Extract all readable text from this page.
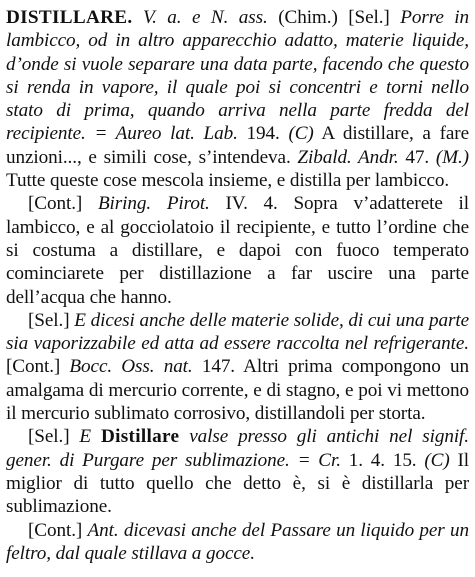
DISTILLARE. V. a. e N. ass. (Chim.) [Sel.] Porre in lambicco, od in altro apparecchio adatto, materie liquide, d’onde si vuole separare una data parte, facendo che questo si renda in vapore, il quale poi si concentri e torni nello stato di prima, quando arriva nella parte fredda del recipiente. = Aureo lat. Lab. 194. (C) A distillare, a fare unzioni..., e simili cose, s’intendeva. Zibald. Andr. 47. (M.) Tutte queste cose mescola insieme, e distilla per lambicco.

[Cont.] Biring. Pirot. IV. 4. Sopra v’adatterete il lambicco, e al gocciolatoio il recipiente, e tutto l’ordine che si costuma a distillare, e dapoi con fuoco temperato cominciarete per distillazione a far uscire una parte dell’acqua che hanno.

[Sel.] E dicesi anche delle materie solide, di cui una parte sia vaporizzabile ed atta ad essere raccolta nel refrigerante. [Cont.] Bocc. Oss. nat. 147. Altri prima compongono un amalgama di mercurio corrente, e di stagno, e poi vi mettono il mercurio sublimato corrosivo, distillandoli per storta.

[Sel.] E Distillare valse presso gli antichi nel signif. gener. di Purgare per sublimazione. = Cr. 1. 4. 15. (C) Il miglior di tutto quello che detto è, si è distillarla per sublimazione.

[Cont.] Ant. dicevasi anche del Passare un liquido per un feltro, dal quale stillava a gocce.
